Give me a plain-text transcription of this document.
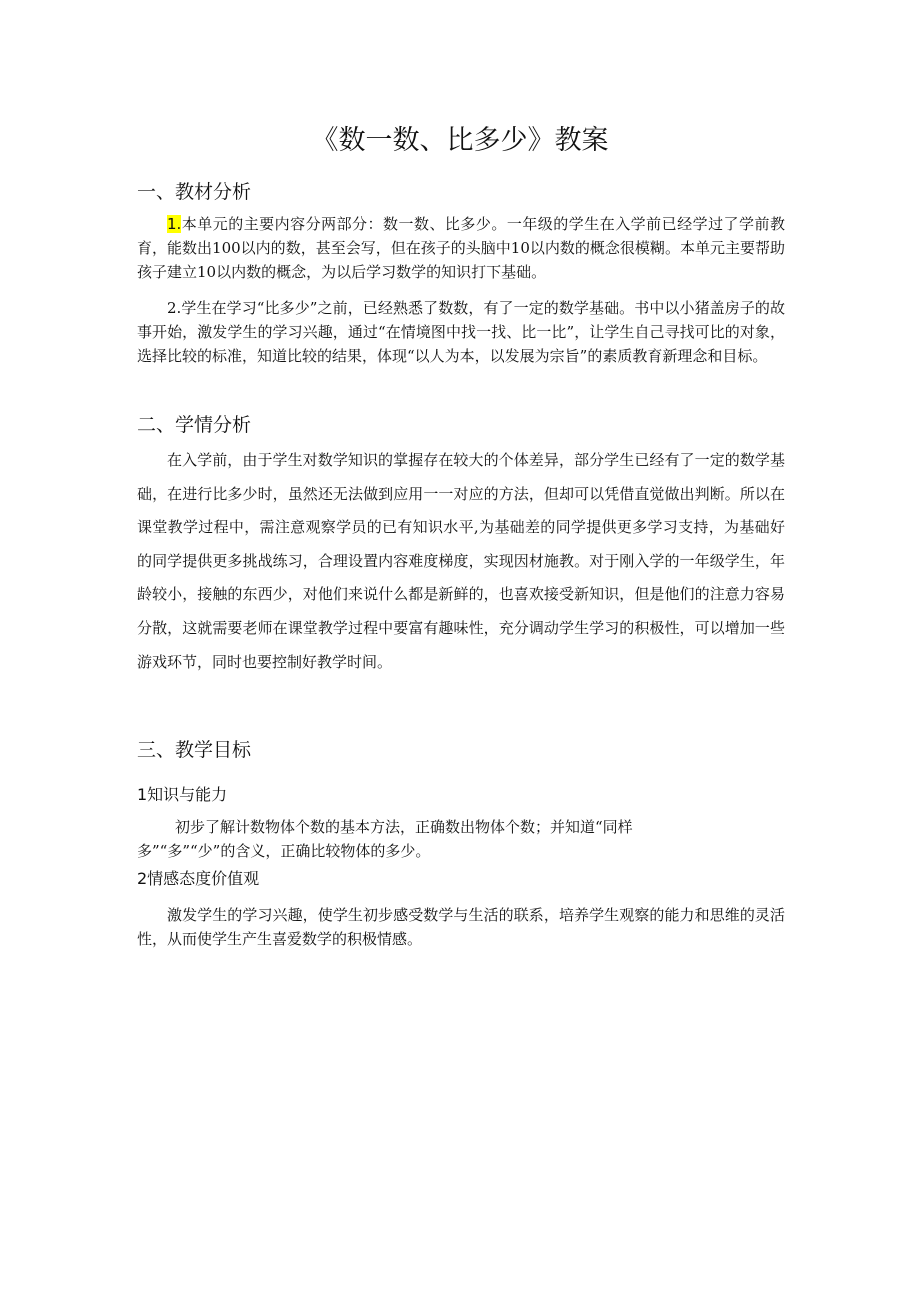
《数一数、比多少》教案
一、教材分析

1.本单元的主要内容分两部分：数一数、比多少。一年级的学生在入学前已经学过了学前教育，能数出100以内的数，甚至会写，但在孩子的头脑中10以内数的概念很模糊。本单元主要帮助孩子建立10以内数的概念，为以后学习数学的知识打下基础。

2.学生在学习“比多少”之前，已经熟悉了数数，有了一定的数学基础。书中以小猪盖房子的故事开始，激发学生的学习兴趣，通过“在情境图中找一找、比一比”，让学生自己寻找可比的对象，选择比较的标准，知道比较的结果，体现“以人为本，以发展为宗旨”的素质教育新理念和目标。

二、学情分析

在入学前，由于学生对数学知识的掌握存在较大的个体差异，部分学生已经有了一定的数学基础，在进行比多少时，虽然还无法做到应用一一对应的方法，但却可以凭借直觉做出判断。所以在课堂教学过程中，需注意观察学员的已有知识水平,为基础差的同学提供更多学习支持，为基础好的同学提供更多挑战练习，合理设置内容难度梯度，实现因材施教。对于刚入学的一年级学生，年龄较小，接触的东西少，对他们来说什么都是新鲜的，也喜欢接受新知识，但是他们的注意力容易分散，这就需要老师在课堂教学过程中要富有趣味性，充分调动学生学习的积极性，可以增加一些游戏环节，同时也要控制好教学时间。

三、教学目标
1知识与能力
初步了解计数物体个数的基本方法，正确数出物体个数；并知道“同样
多”“多”“少”的含义，正确比较物体的多少。
2情感态度价值观

激发学生的学习兴趣，使学生初步感受数学与生活的联系，培养学生观察的能力和思维的灵活性，从而使学生产生喜爱数学的积极情感。
